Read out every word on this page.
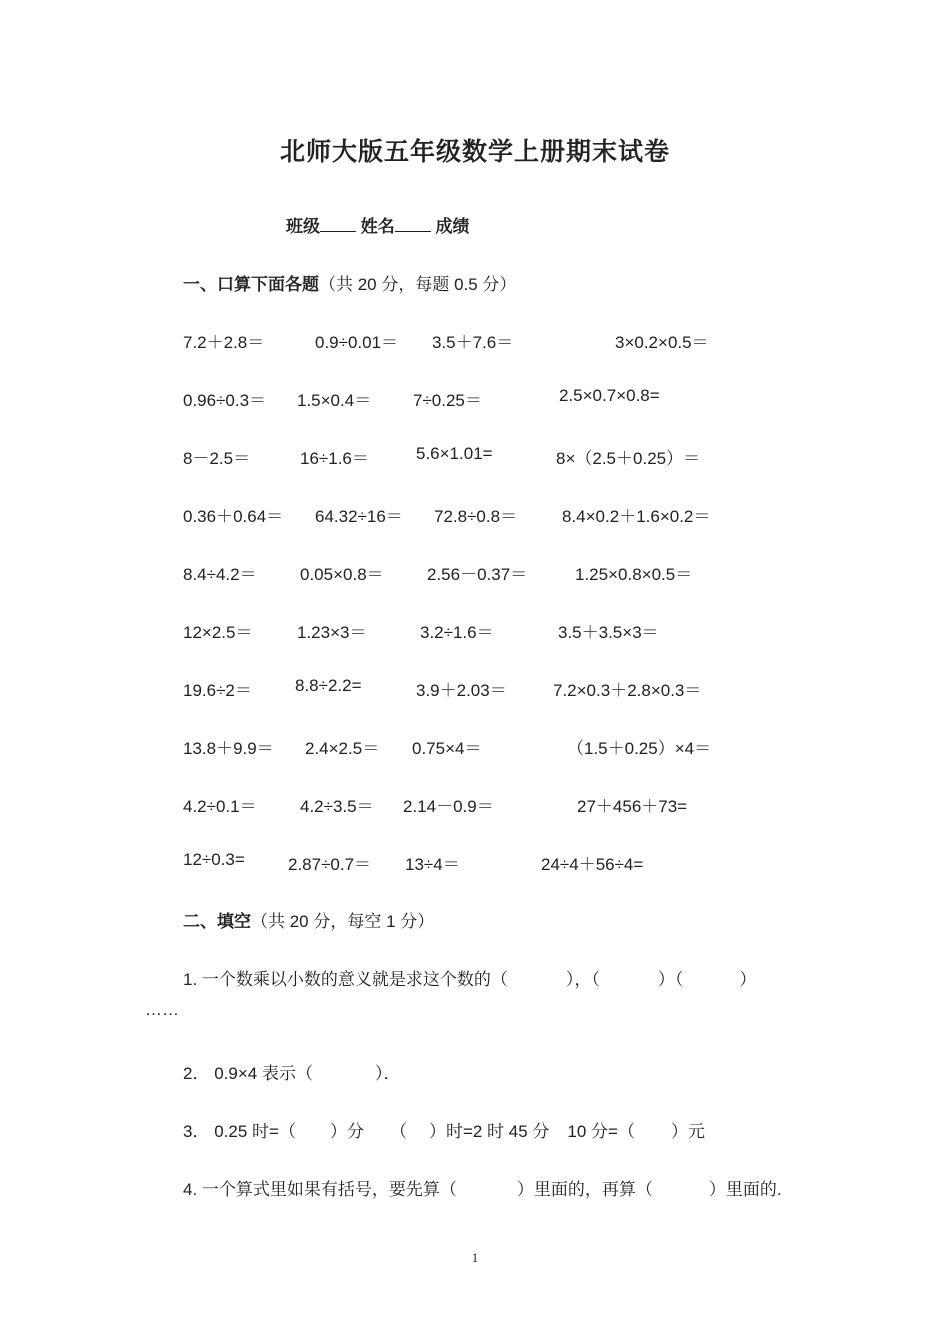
北师大版五年级数学上册期末试卷
班级 姓名 成绩
一、口算下面各题（共 20 分，每题 0.5 分）
7.2＋2.8＝	0.9÷0.01＝ 3.5＋7.6＝	3×0.2×0.5＝
0.96÷0.3＝ 1.5×0.4＝ 7÷0.25＝	2.5×0.7×0.8=
8－2.5＝	16÷1.6＝	5.6×1.01=	8×（2.5＋0.25）＝
0.36＋0.64＝ 64.32÷16＝ 72.8÷0.8＝	8.4×0.2＋1.6×0.2＝
8.4÷4.2＝	0.05×0.8＝	2.56－0.37＝	1.25×0.8×0.5＝
12×2.5＝	1.23×3＝	3.2÷1.6＝	3.5＋3.5×3＝
19.6÷2＝	8.8÷2.2=	3.9＋2.03＝	7.2×0.3＋2.8×0.3＝
13.8＋9.9＝ 2.4×2.5＝ 0.75×4＝	（1.5＋0.25）×4＝
4.2÷0.1＝	4.2÷3.5＝ 2.14－0.9＝	27＋456＋73=
12÷0.3=	2.87÷0.7＝ 13÷4＝	24÷4＋56÷4=
二、填空（共 20 分，每空 1 分）
1. 一个数乘以小数的意义就是求这个数的（	），（	）（	）
……
2． 0.9×4 表示（	）．
3． 0.25 时=（ ）分 （ ）时=2 时 45 分 10 分=（ ）元
4. 一个算式里如果有括号，要先算（	）里面的，再算（	）里面的.
1
